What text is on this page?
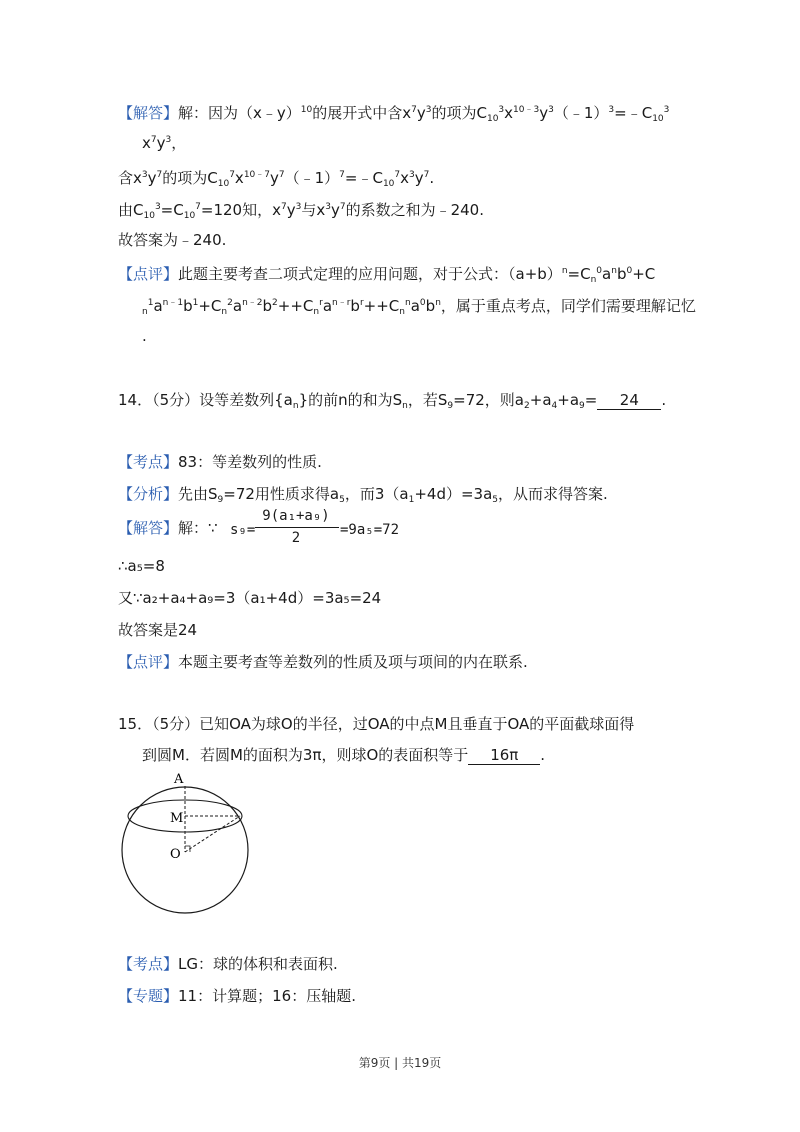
【解答】解：因为（x﹣y）$^{10}$的展开式中含$x^7y^3$的项为$C_{10}^3x^{10﹣3}y^3(﹣1)^3=﹣C_{10}^3$
$x^7y^3$，
含$x^3y^7$的项为$C_{10}^7x^{10﹣7}y^7(﹣1)^7=﹣C_{10}^7x^3y^7$.
由$C_{10}^3=C_{10}^7=120$知，$x^7y^3$与$x^3y^7$的系数之和为﹣240.
故答案为﹣240.
【点评】此题主要考查二项式定理的应用问题，对于公式：$(a+b)^n=C_n^0a^nb^0+C$
$_n^1a^{n﹣1}b^1+C_n^2a^{n﹣2}b^2++C_n^ra^{n﹣r}b^r++C_n^na^0b^n$，属于重点考点，同学们需要理解记忆
.
14．（5分）设等差数列$\{a_n\}$的前n的和为$S_n$，若$S_9=72$，则$a_2+a_4+a_9= 24$ .
【考点】83：等差数列的性质.
【分析】先由$S_9=72$用性质求得$a_5$，而$3(a_1+4d)=3a_5$，从而求得答案.
【解答】解：∵ s₉=
9(a₁+a₉)
2	=9a₅=72
∴a₅=8
又∵a₂+a₄+a₉=3（a₁+4d）=3a₅=24
故答案是24
【点评】本题主要考查等差数列的性质及项与项间的内在联系.
15．（5分）已知OA为球O的半径，过OA的中点M且垂直于OA的平面截球面得
到圆M．若圆M的面积为3π，则球O的表面积等于 16π .
A
M
O
【考点】LG：球的体积和表面积.
【专题】11：计算题；16：压轴题.
第9页 | 共19页
